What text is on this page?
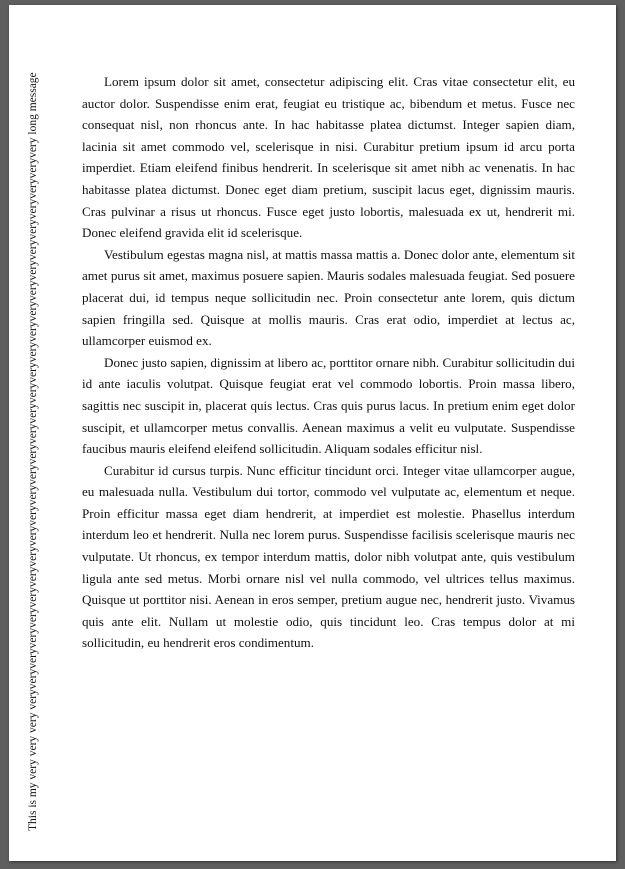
This is my very very very veryveryveryveryveryveryveryveryveryveryveryveryveryveryveryveryveryveryveryveryveryveryveryveryveryveryveryvery long message	Lorem ipsum dolor sit amet, consectetur adipiscing elit. Cras vitae consectetur elit, eu auctor dolor. Suspendisse enim erat, feugiat eu tristique ac, bibendum et metus. Fusce nec consequat nisl, non rhoncus ante. In hac habitasse platea dictumst. Integer sapien diam, lacinia sit amet commodo vel, scelerisque in nisi. Curabitur pretium ipsum id arcu porta imperdiet. Etiam eleifend finibus hendrerit. In scelerisque sit amet nibh ac venenatis. In hac habitasse platea dictumst. Donec eget diam pretium, suscipit lacus eget, dignissim mauris. Cras pulvinar a risus ut rhoncus. Fusce eget justo lobortis, malesuada ex ut, hendrerit mi. Donec eleifend gravida elit id scelerisque.

Vestibulum egestas magna nisl, at mattis massa mattis a. Donec dolor ante, elementum sit amet purus sit amet, maximus posuere sapien. Mauris sodales malesuada feugiat. Sed posuere placerat dui, id tempus neque sollicitudin nec. Proin consectetur ante lorem, quis dictum sapien fringilla sed. Quisque at mollis mauris. Cras erat odio, imperdiet at lectus ac, ullamcorper euismod ex.

Donec justo sapien, dignissim at libero ac, porttitor ornare nibh. Curabitur sollicitudin dui id ante iaculis volutpat. Quisque feugiat erat vel commodo lobortis. Proin massa libero, sagittis nec suscipit in, placerat quis lectus. Cras quis purus lacus. In pretium enim eget dolor suscipit, et ullamcorper metus convallis. Aenean maximus a velit eu vulputate. Suspendisse faucibus mauris eleifend eleifend sollicitudin. Aliquam sodales efficitur nisl.

Curabitur id cursus turpis. Nunc efficitur tincidunt orci. Integer vitae ullamcorper augue, eu malesuada nulla. Vestibulum dui tortor, commodo vel vulputate ac, elementum et neque. Proin efficitur massa eget diam hendrerit, at imperdiet est molestie. Phasellus interdum interdum leo et hendrerit. Nulla nec lorem purus. Suspendisse facilisis scelerisque mauris nec vulputate. Ut rhoncus, ex tempor interdum mattis, dolor nibh volutpat ante, quis vestibulum ligula ante sed metus. Morbi ornare nisl vel nulla commodo, vel ultrices tellus maximus. Quisque ut porttitor nisi. Aenean in eros semper, pretium augue nec, hendrerit justo. Vivamus quis ante elit. Nullam ut molestie odio, quis tincidunt leo. Cras tempus dolor at mi sollicitudin, eu hendrerit eros condimentum.
